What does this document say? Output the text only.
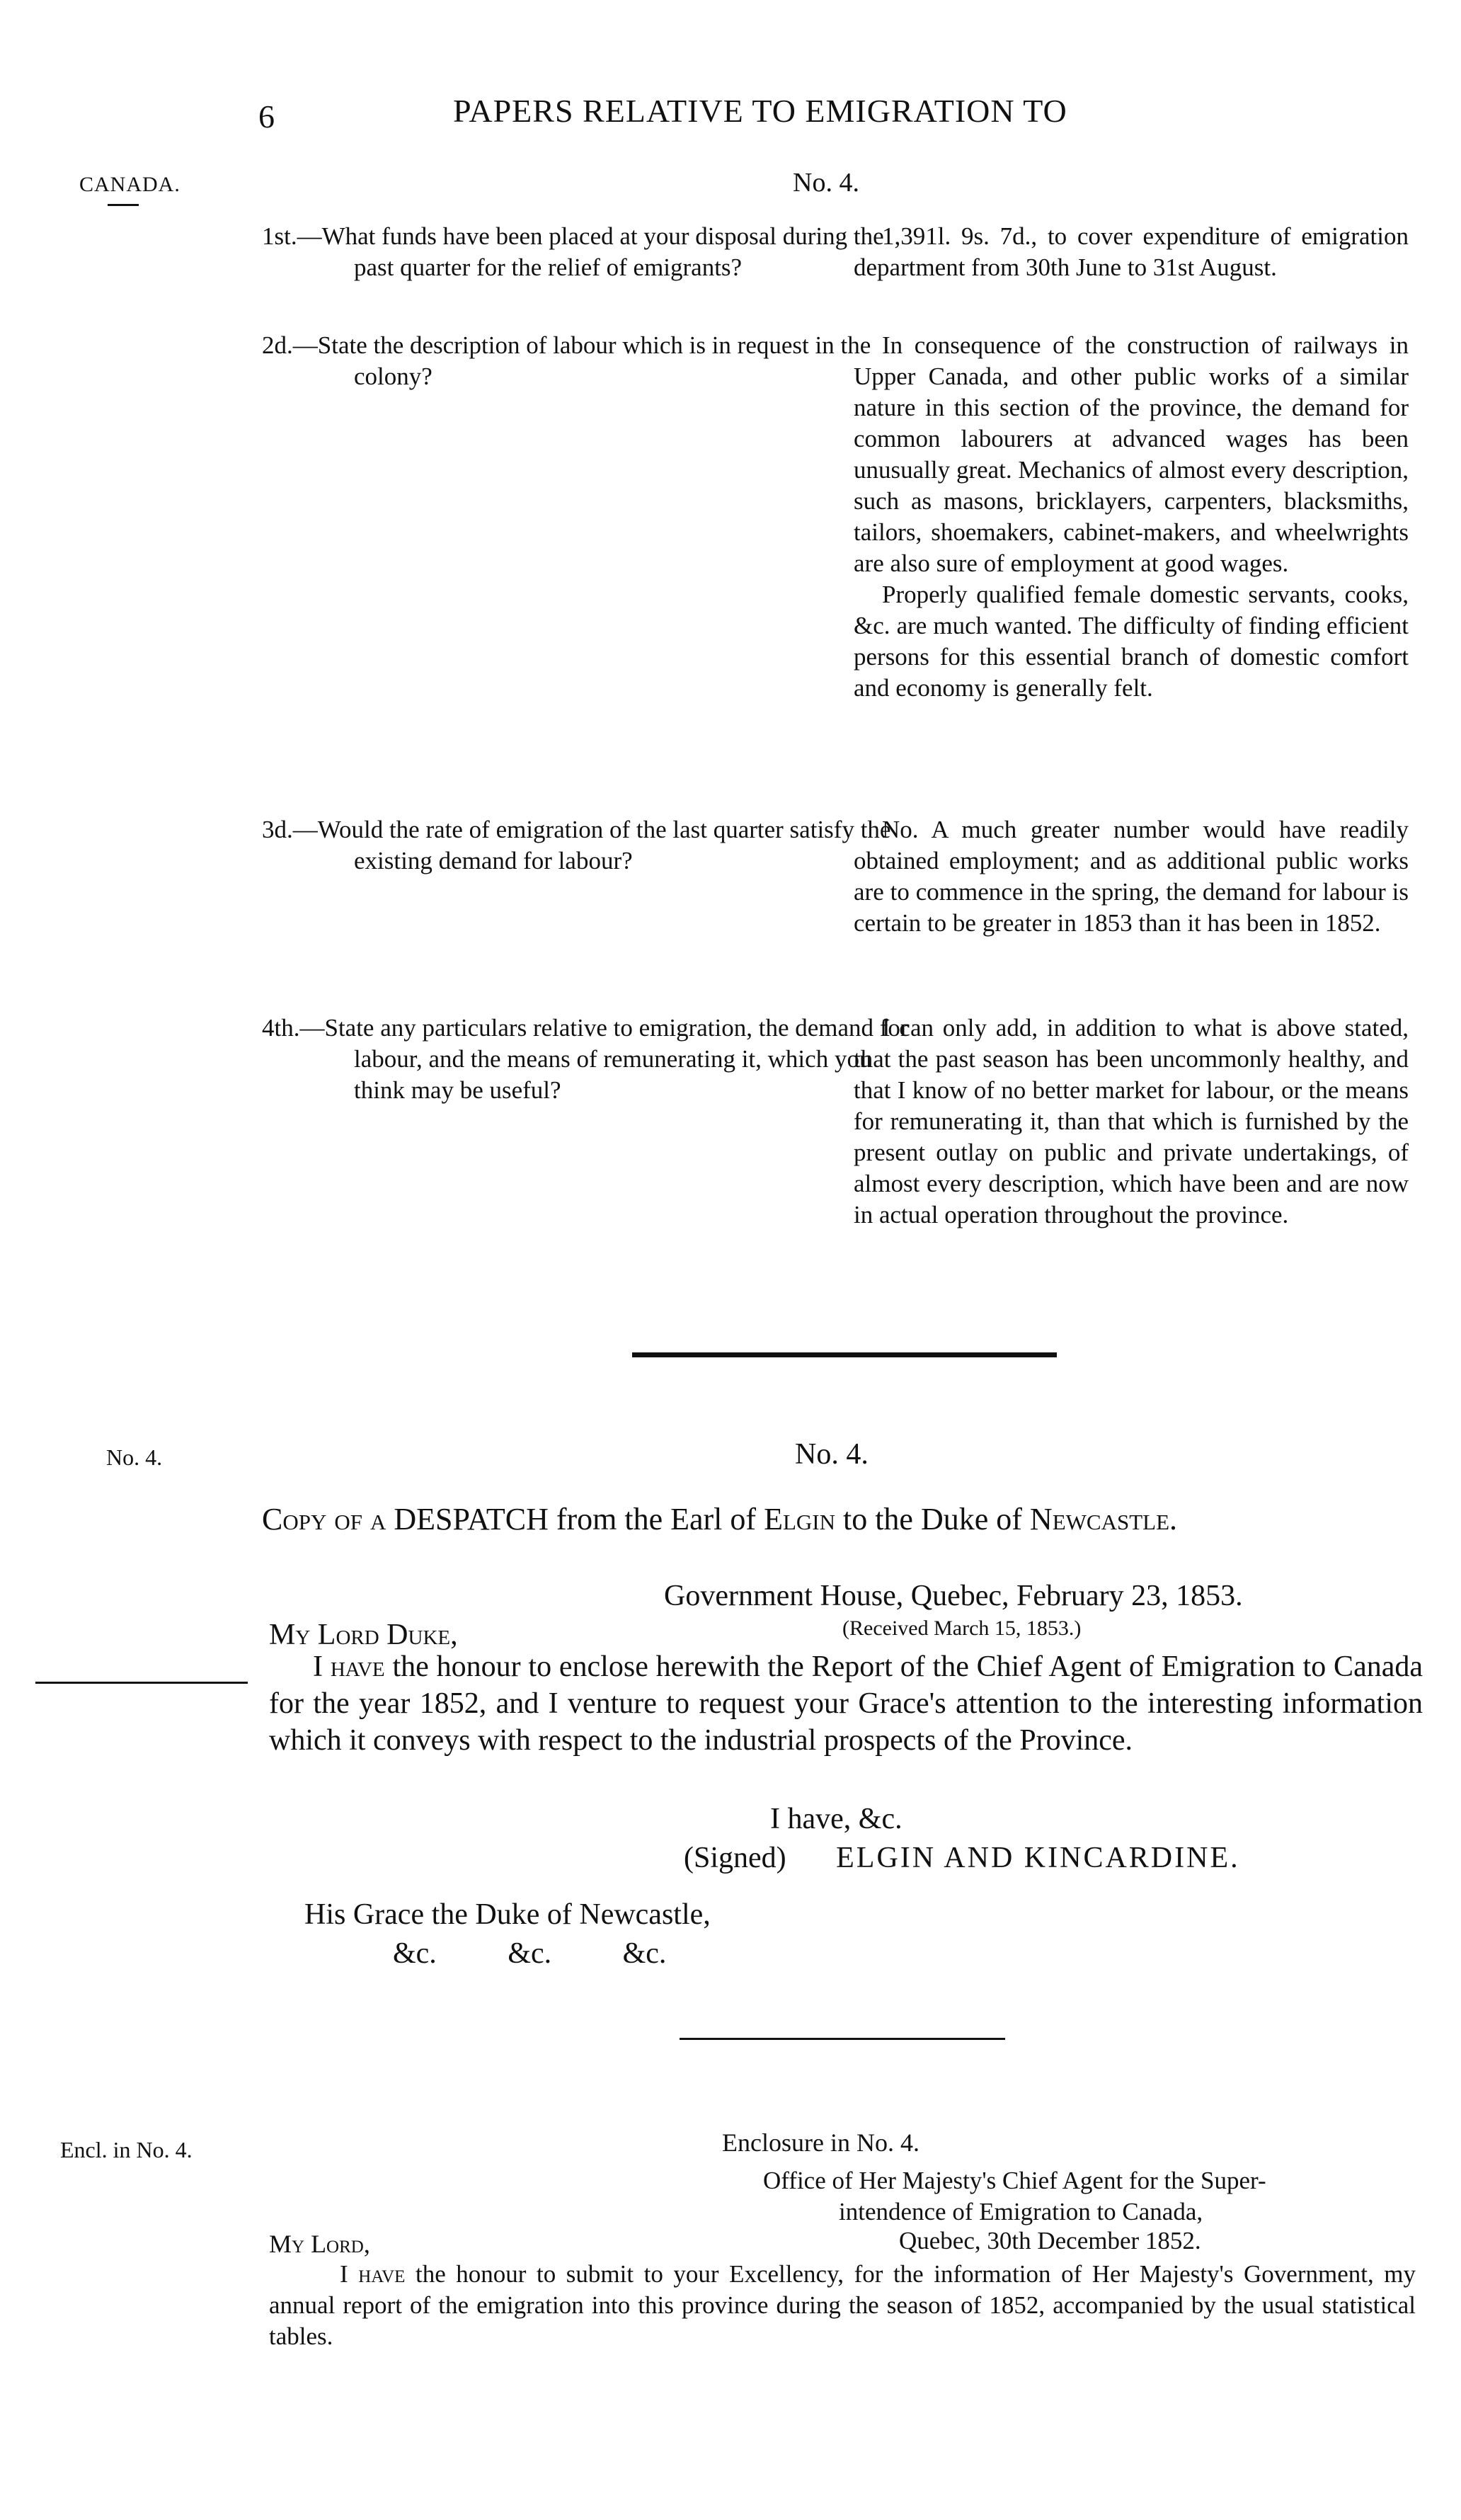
6	PAPERS RELATIVE TO EMIGRATION TO
CANADA.	No. 4.
1st.—What funds have been placed at your disposal during the past quarter for the relief of emigrants?
1,391l. 9s. 7d., to cover expenditure of emigration department from 30th June to 31st August.
2d.—State the description of labour which is in request in the colony?
In consequence of the construction of railways in Upper Canada, and other public works of a similar nature in this section of the province, the demand for common labourers at advanced wages has been unusually great. Mechanics of almost every description, such as masons, bricklayers, carpenters, blacksmiths, tailors, shoemakers, cabinet-makers, and wheelwrights are also sure of employment at good wages.
Properly qualified female domestic servants, cooks, &c. are much wanted. The difficulty of finding efficient persons for this essential branch of domestic comfort and economy is generally felt.
3d.—Would the rate of emigration of the last quarter satisfy the existing demand for labour?
No. A much greater number would have readily obtained employment; and as additional public works are to commence in the spring, the demand for labour is certain to be greater in 1853 than it has been in 1852.
4th.—State any particulars relative to emigration, the demand for labour, and the means of remunerating it, which you think may be useful?
I can only add, in addition to what is above stated, that the past season has been uncommonly healthy, and that I know of no better market for labour, or the means for remunerating it, than that which is furnished by the present outlay on public and private undertakings, of almost every description, which have been and are now in actual operation throughout the province.
No. 4.	No. 4.
Copy of a DESPATCH from the Earl of Elgin to the Duke of Newcastle.
Government House, Quebec, February 23, 1853.
My Lord Duke,	(Received March 15, 1853.)
I have the honour to enclose herewith the Report of the Chief Agent of Emigration to Canada for the year 1852, and I venture to request your Grace's attention to the interesting information which it conveys with respect to the industrial prospects of the Province.
I have, &c.
(Signed) ELGIN AND KINCARDINE.
His Grace the Duke of Newcastle,
&c. &c. &c.
Encl. in No. 4.	Enclosure in No. 4.
Office of Her Majesty's Chief Agent for the Super-
intendence of Emigration to Canada,
Quebec, 30th December 1852.
My Lord,
I have the honour to submit to your Excellency, for the information of Her Majesty's Government, my annual report of the emigration into this province during the season of 1852, accompanied by the usual statistical tables.
